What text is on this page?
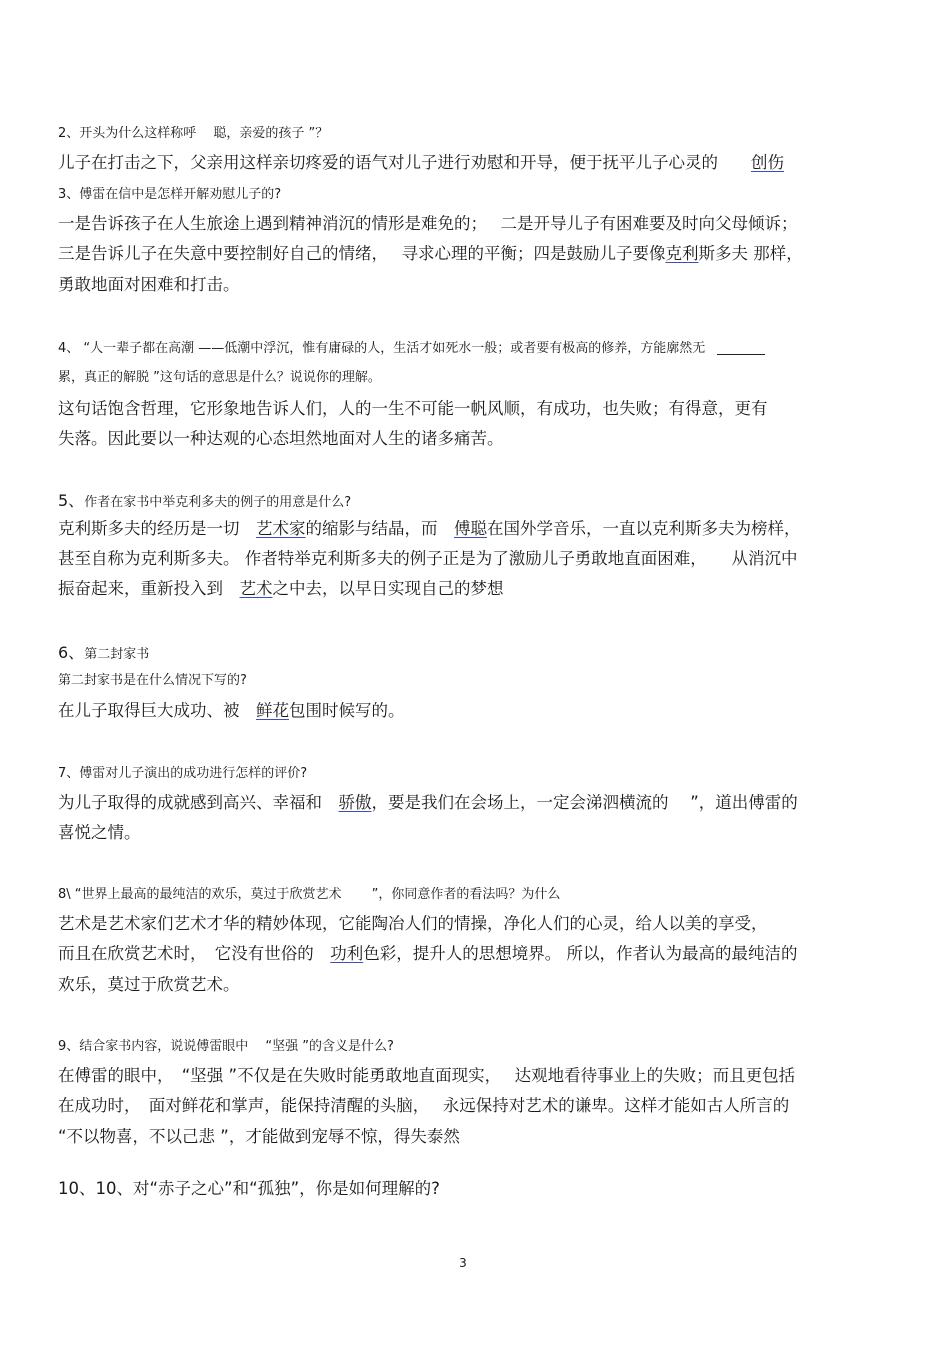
2、开头为什么这样称呼　 聪，亲爱的孩子 ”？
儿子在打击之下，父亲用这样亲切疼爱的语气对儿子进行劝慰和开导，便于抚平儿子心灵的　　创伤
3、傅雷在信中是怎样开解劝慰儿子的?
一是告诉孩子在人生旅途上遇到精神消沉的情形是难免的；　 二是开导儿子有困难要及时向父母倾诉；
三是告诉儿子在失意中要控制好自己的情绪，　 寻求心理的平衡；四是鼓励儿子要像克利斯多夫 那样，
勇敢地面对困难和打击。
4、 “人一辈子都在高潮 ——低潮中浮沉，惟有庸碌的人，生活才如死水一般；或者要有极高的修养，方能廓然无
累，真正的解脱 ”这句话的意思是什么？说说你的理解。
这句话饱含哲理，它形象地告诉人们，人的一生不可能一帆风顺，有成功，也失败；有得意，更有
失落。因此要以一种达观的心态坦然地面对人生的诸多痛苦。
5、作者在家书中举克利多夫的例子的用意是什么?
克利斯多夫的经历是一切　艺术家的缩影与结晶，而　傅聪在国外学音乐，一直以克利斯多夫为榜样，
甚至自称为克利斯多夫。 作者特举克利斯多夫的例子正是为了激励儿子勇敢地直面困难，　　从消沉中
振奋起来，重新投入到　艺术之中去，以早日实现自己的梦想
6、第二封家书
第二封家书是在什么情况下写的?
在儿子取得巨大成功、被　鲜花包围时候写的。
7、傅雷对儿子演出的成功进行怎样的评价?
为儿子取得的成就感到高兴、幸福和　骄傲，要是我们在会场上，一定会涕泗横流的　 ”，道出傅雷的
喜悦之情。
8\ “世界上最高的最纯洁的欢乐，莫过于欣赏艺术　　 ”，你同意作者的看法吗？为什么
艺术是艺术家们艺术才华的精妙体现，它能陶冶人们的情操，净化人们的心灵，给人以美的享受，
而且在欣赏艺术时，　它没有世俗的　功利色彩，提升人的思想境界。 所以，作者认为最高的最纯洁的
欢乐，莫过于欣赏艺术。
9、结合家书内容，说说傅雷眼中　 “坚强 ”的含义是什么?
在傅雷的眼中，　“坚强 ”不仅是在失败时能勇敢地直面现实，　 达观地看待事业上的失败；而且更包括
在成功时，　面对鲜花和掌声，能保持清醒的头脑，　 永远保持对艺术的谦卑。这样才能如古人所言的
“不以物喜，不以己悲 ”，才能做到宠辱不惊，得失泰然
10、10、对“赤子之心”和“孤独”，你是如何理解的?
3
